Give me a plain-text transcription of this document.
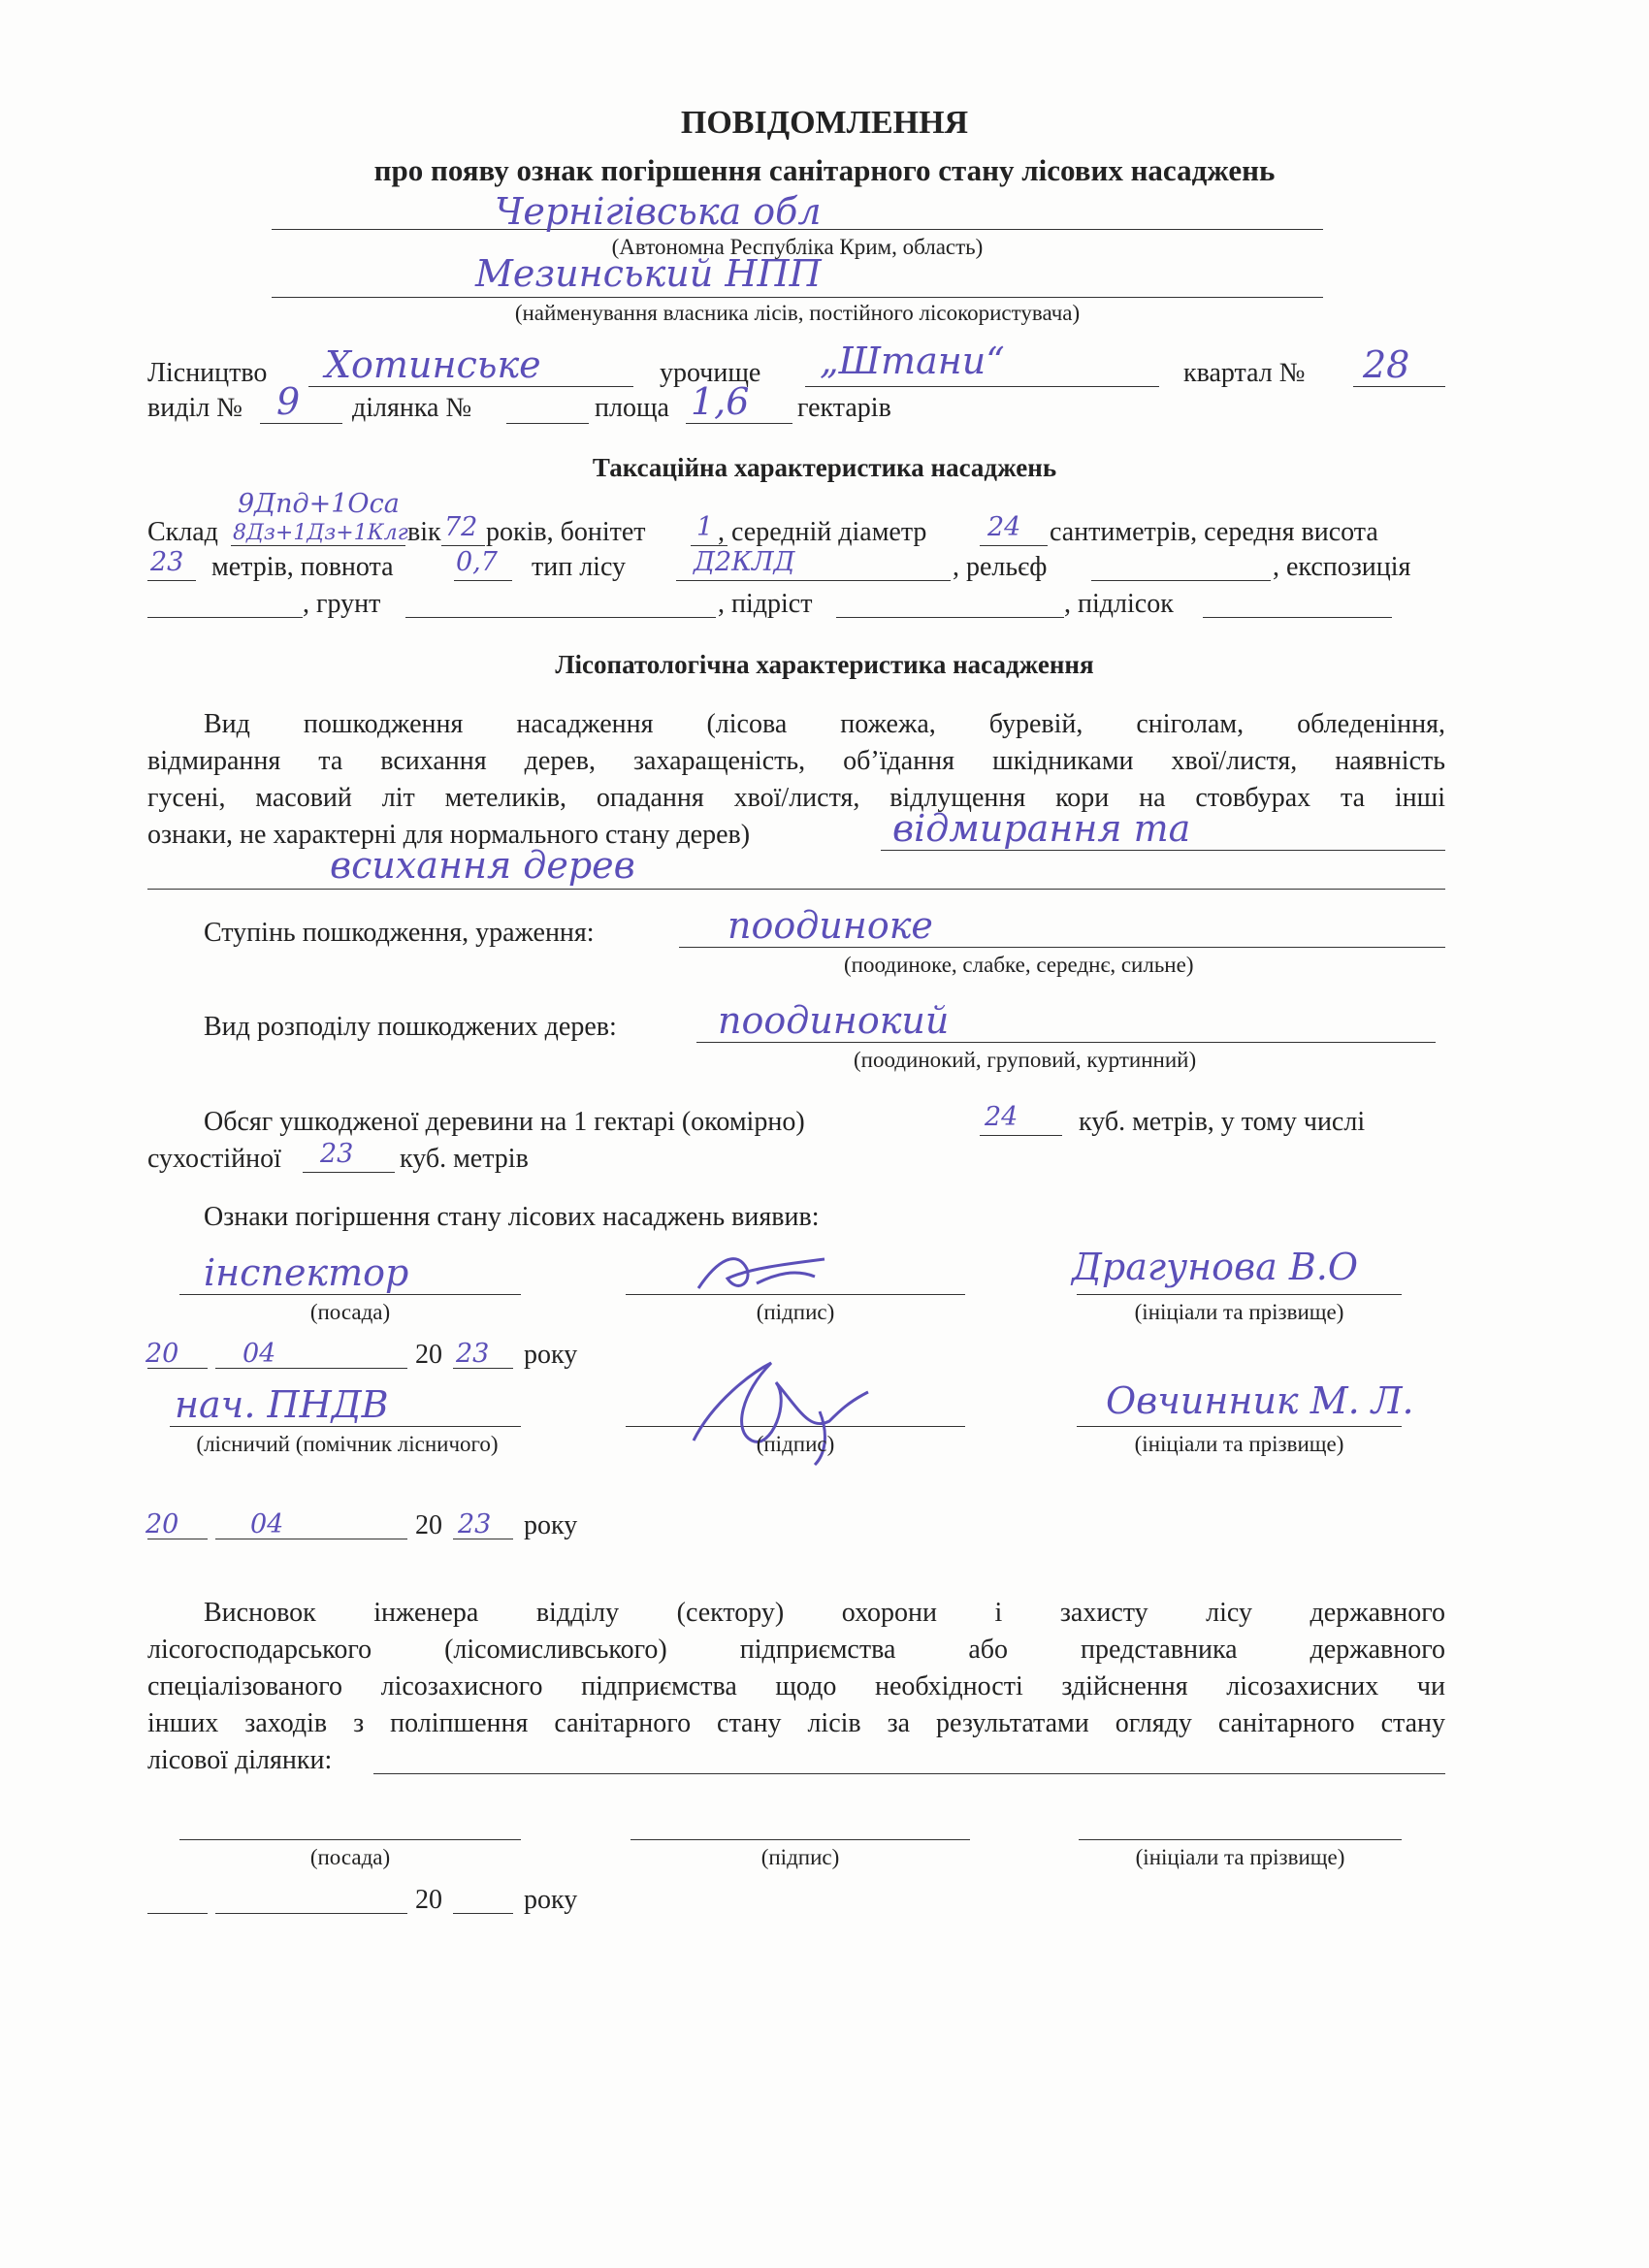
ПОВІДОМЛЕННЯ
про появу ознак погіршення санітарного стану лісових насаджень
Чернігівська обл
(Автономна Республіка Крим, область)
Мезинський НПП
(найменування власника лісів, постійного лісокористувача)
Лісництво Хотинське	урочище „Штани“	квартал № 28
виділ № 9 ділянка №	площа 1,6 гектарів
Таксаційна характеристика насаджень
9Дпд+1Оса
Склад 8Дз+1Дз+1Клг вік 72 років, бонітет 1 , середній діаметр 24 сантиметрів, середня висота
23 метрів, повнота 0,7 тип лісу	Д2КЛД	, рельєф	, експозиція
, грунт	, підріст	, підлісок
Лісопатологічна характеристика насадження
Вид пошкодження насадження (лісова пожежа, буревій, сніголам, обледеніння,
відмирання та всихання дерев, захаращеність, об’їдання шкідниками хвої/листя, наявність
гусені, масовий літ метеликів, опадання хвої/листя, відлущення кори на стовбурах та інші
ознаки, не характерні для нормального стану дерев)	відмирання та
всихання дерев
Ступінь пошкодження, ураження:	поодиноке
(поодиноке, слабке, середнє, сильне)
Вид розподілу пошкоджених дерев:	поодинокий
(поодинокий, груповий, куртинний)
Обсяг ушкодженої деревини на 1 гектарі (окомірно)	24 куб. метрів, у тому числі
сухостійної 23 куб. метрів
Ознаки погіршення стану лісових насаджень виявив:
інспектор
(посада)	(підпис)
Драгунова В.О
(ініціали та прізвище)
20 04	20 23 року
нач. ПНДВ
(лісничий (помічник лісничого)	(підпис)
Овчинник М. Л.
(ініціали та прізвище)
20	04	20 23 року
Висновок інженера відділу (сектору) охорони і захисту лісу державного
лісогосподарського (лісомисливського) підприємства або представника державного
спеціалізованого лісозахисного підприємства щодо необхідності здійснення лісозахисних чи
інших заходів з поліпшення санітарного стану лісів за результатами огляду санітарного стану
лісової ділянки:
(посада)	(підпис)	(ініціали та прізвище)
20	року
